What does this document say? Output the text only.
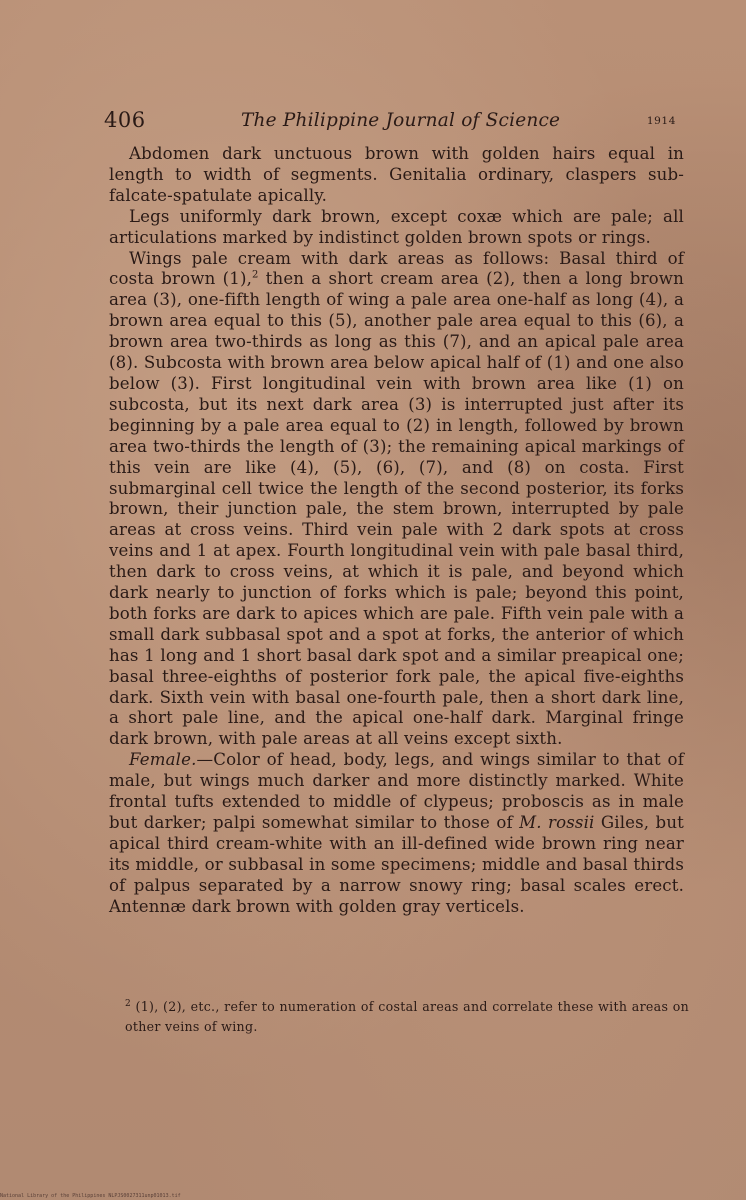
406	The Philippine Journal of Science	1914

Abdomen dark unctuous brown with golden hairs equal in length to width of segments. Genitalia ordinary, claspers sub-falcate-spatulate apically.

Legs uniformly dark brown, except coxæ which are pale; all articulations marked by indistinct golden brown spots or rings.

Wings pale cream with dark areas as follows: Basal third of costa brown (1),$^2$ then a short cream area (2), then a long brown area (3), one-fifth length of wing a pale area one-half as long (4), a brown area equal to this (5), another pale area equal to this (6), a brown area two-thirds as long as this (7), and an apical pale area (8). Subcosta with brown area below apical half of (1) and one also below (3). First longitudinal vein with brown area like (1) on subcosta, but its next dark area (3) is interrupted just after its beginning by a pale area equal to (2) in length, followed by brown area two-thirds the length of (3); the remaining apical markings of this vein are like (4), (5), (6), (7), and (8) on costa. First submarginal cell twice the length of the second posterior, its forks brown, their junction pale, the stem brown, interrupted by pale areas at cross veins. Third vein pale with 2 dark spots at cross veins and 1 at apex. Fourth longitudinal vein with pale basal third, then dark to cross veins, at which it is pale, and beyond which dark nearly to junction of forks which is pale; beyond this point, both forks are dark to apices which are pale. Fifth vein pale with a small dark subbasal spot and a spot at forks, the anterior of which has 1 long and 1 short basal dark spot and a similar preapical one; basal three-eighths of posterior fork pale, the apical five-eighths dark. Sixth vein with basal one-fourth pale, then a short dark line, a short pale line, and the apical one-half dark. Marginal fringe dark brown, with pale areas at all veins except sixth.

Female.—Color of head, body, legs, and wings similar to that of male, but wings much darker and more distinctly marked. White frontal tufts extended to middle of clypeus; proboscis as in male but darker; palpi somewhat similar to those of M. rossii Giles, but apical third cream-white with an ill-defined wide brown ring near its middle, or subbasal in some specimens; middle and basal thirds of palpus separated by a narrow snowy ring; basal scales erect. Antennæ dark brown with golden gray verticels.

$^2$ (1), (2), etc., refer to numeration of costal areas and correlate these with areas on other veins of wing.
National Library of the Philippines NLPJS0027311unp01013.tif
